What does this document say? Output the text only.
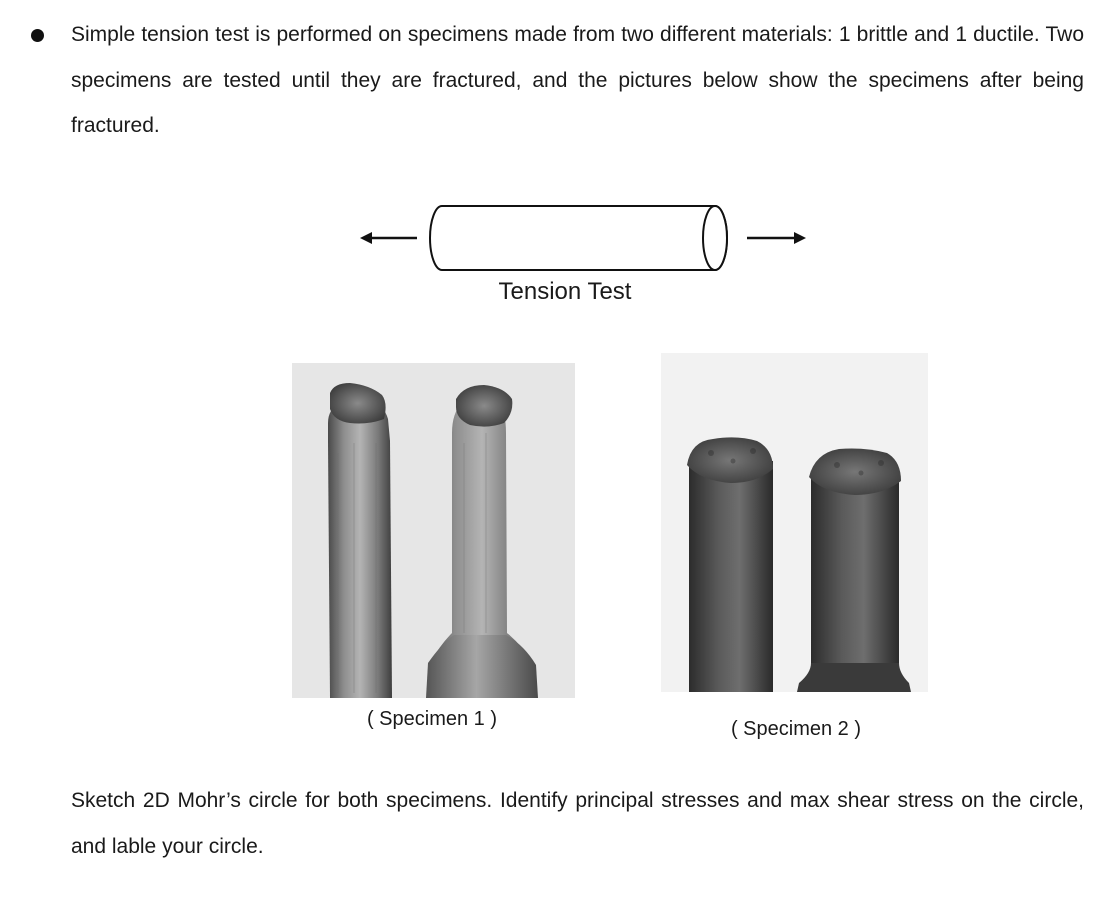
Simple tension test is performed on specimens made from two different materials: 1 brittle and 1 ductile. Two specimens are tested until they are fractured, and the pictures below show the specimens after being fractured.

Tension Test
( Specimen 1 )	( Specimen 2 )

Sketch 2D Mohr’s circle for both specimens. Identify principal stresses and max shear stress on the circle, and lable your circle.
